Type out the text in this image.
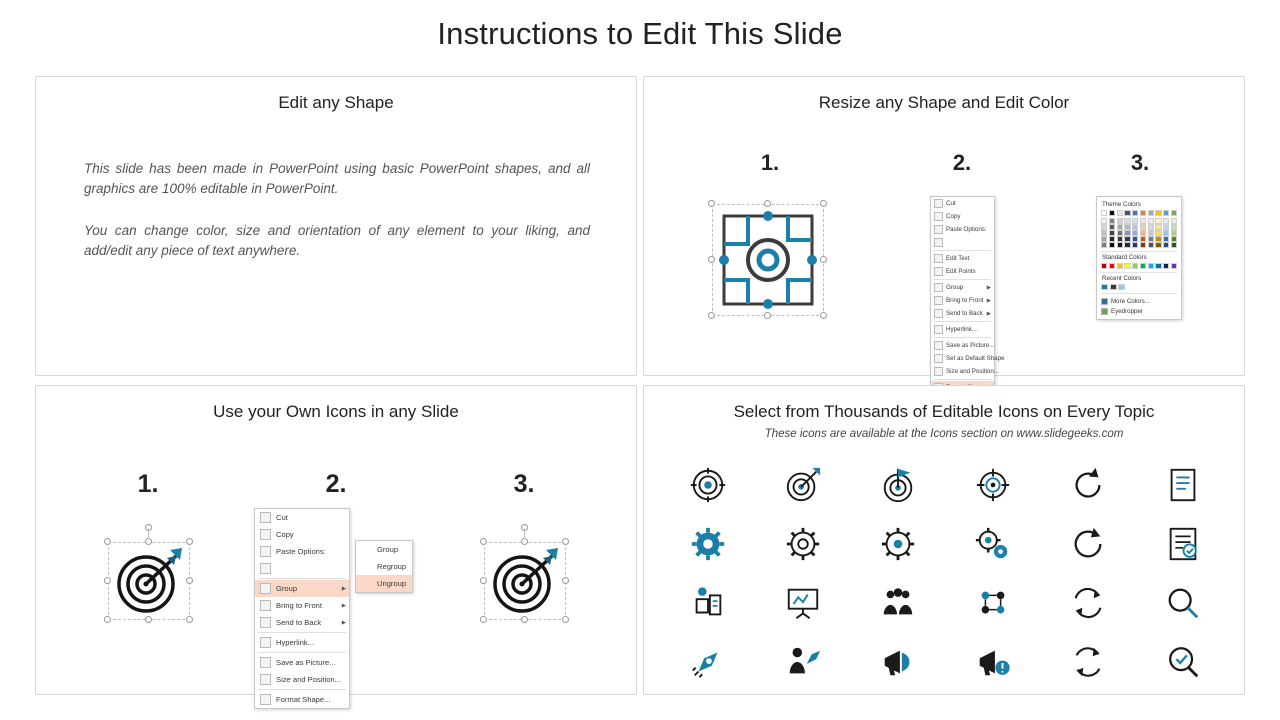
Instructions to Edit This Slide
Edit any Shape
This slide has been made in PowerPoint using basic PowerPoint shapes, and all graphics are 100% editable in PowerPoint.
You can change color, size and orientation of any element to your liking, and add/edit any piece of text anywhere.
Resize any Shape and Edit Color
1.	2.	3.
Cut
Copy
Paste Options:
Edit Text
Edit Points
Group	▶
Bring to Front ▶
Send to Back ▶
Hyperlink...
Save as Picture...
Set as Default Shape
Size and Position...
Theme Colors
Standard Colors
Recent Colors
More Colors...
Eyedropper
Use your Own Icons in any Slide
1.	2.	3.
Cut
Copy
Paste Options:
Group	▶
Bring to Front	▶
Send to Back	▶
Hyperlink...
Save as Picture...
Size and Position...
Format Shape...
Group
Regroup
Ungroup
Select from Thousands of Editable Icons on Every Topic
These icons are available at the Icons section on www.slidegeeks.com
